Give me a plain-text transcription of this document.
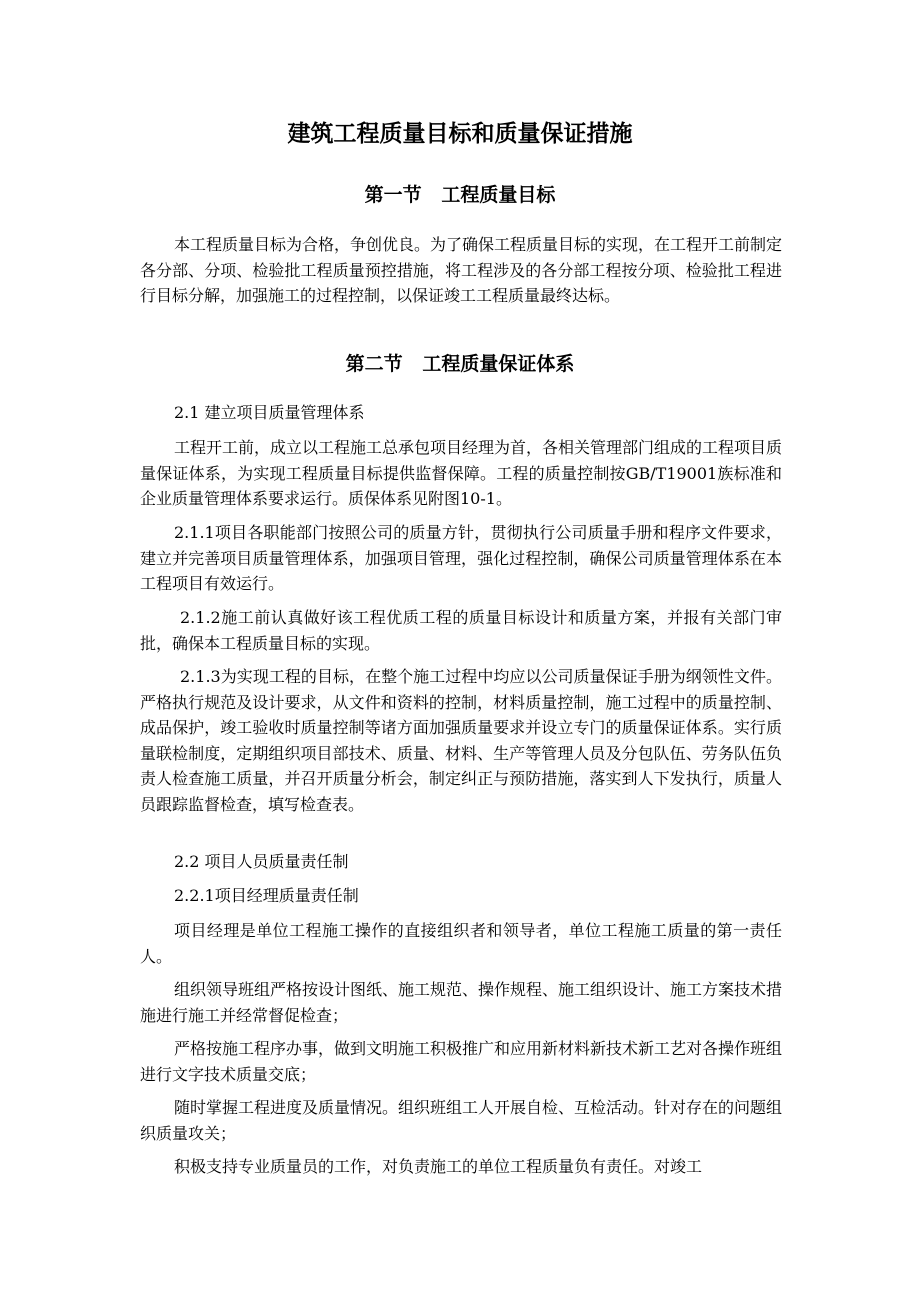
建筑工程质量目标和质量保证措施
第一节   工程质量目标

本工程质量目标为合格，争创优良。为了确保工程质量目标的实现，在工程开工前制定各分部、分项、检验批工程质量预控措施，将工程涉及的各分部工程按分项、检验批工程进行目标分解，加强施工的过程控制，以保证竣工工程质量最终达标。

第二节   工程质量保证体系

2.1 建立项目质量管理体系

工程开工前，成立以工程施工总承包项目经理为首，各相关管理部门组成的工程项目质量保证体系，为实现工程质量目标提供监督保障。工程的质量控制按GB/T19001族标准和企业质量管理体系要求运行。质保体系见附图10-1。

2.1.1项目各职能部门按照公司的质量方针，贯彻执行公司质量手册和程序文件要求，建立并完善项目质量管理体系，加强项目管理，强化过程控制，确保公司质量管理体系在本工程项目有效运行。

2.1.2施工前认真做好该工程优质工程的质量目标设计和质量方案，并报有关部门审批，确保本工程质量目标的实现。

2.1.3为实现工程的目标，在整个施工过程中均应以公司质量保证手册为纲领性文件。严格执行规范及设计要求，从文件和资料的控制，材料质量控制，施工过程中的质量控制、成品保护，竣工验收时质量控制等诸方面加强质量要求并设立专门的质量保证体系。实行质量联检制度，定期组织项目部技术、质量、材料、生产等管理人员及分包队伍、劳务队伍负责人检查施工质量，并召开质量分析会，制定纠正与预防措施，落实到人下发执行，质量人员跟踪监督检查，填写检查表。

2.2 项目人员质量责任制

2.2.1项目经理质量责任制

项目经理是单位工程施工操作的直接组织者和领导者，单位工程施工质量的第一责任人。

组织领导班组严格按设计图纸、施工规范、操作规程、施工组织设计、施工方案技术措施进行施工并经常督促检查；

严格按施工程序办事，做到文明施工积极推广和应用新材料新技术新工艺对各操作班组进行文字技术质量交底；

随时掌握工程进度及质量情况。组织班组工人开展自检、互检活动。针对存在的问题组织质量攻关；

积极支持专业质量员的工作，对负责施工的单位工程质量负有责任。对竣工
